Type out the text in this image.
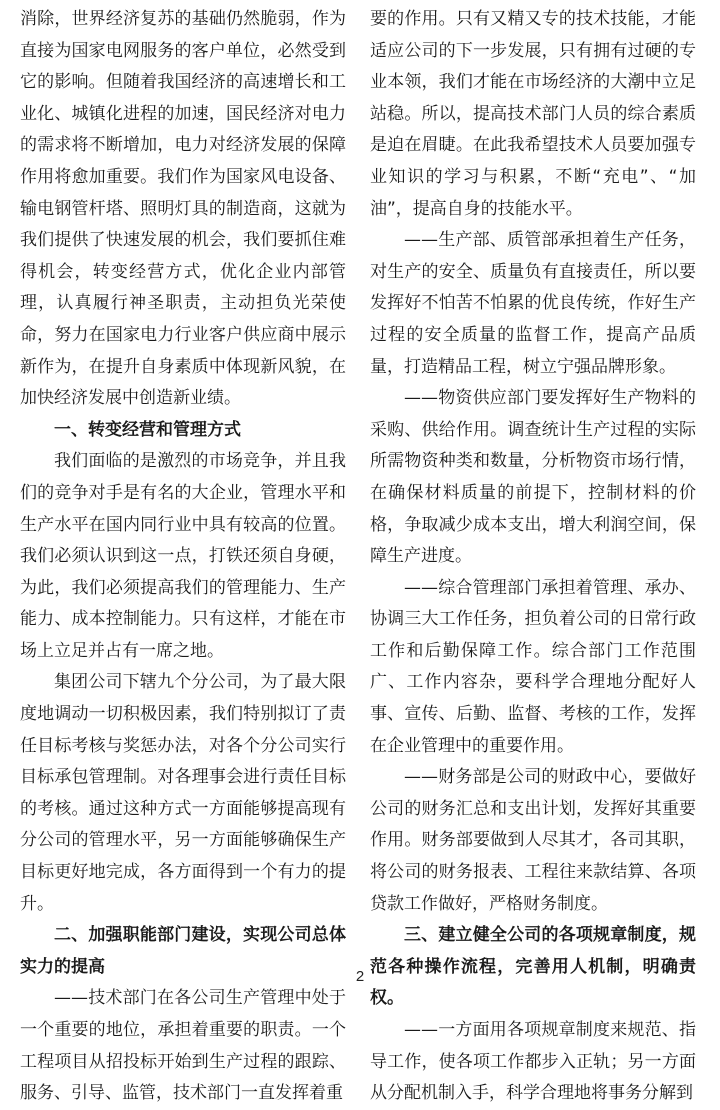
消除，世界经济复苏的基础仍然脆弱，作为直接为国家电网服务的客户单位，必然受到它的影响。但随着我国经济的高速增长和工业化、城镇化进程的加速，国民经济对电力的需求将不断增加，电力对经济发展的保障作用将愈加重要。我们作为国家风电设备、输电钢管杆塔、照明灯具的制造商，这就为我们提供了快速发展的机会，我们要抓住难得机会，转变经营方式，优化企业内部管理，认真履行神圣职责，主动担负光荣使命，努力在国家电力行业客户供应商中展示新作为，在提升自身素质中体现新风貌，在加快经济发展中创造新业绩。

一、转变经营和管理方式

我们面临的是激烈的市场竞争，并且我们的竞争对手是有名的大企业，管理水平和生产水平在国内同行业中具有较高的位置。我们必须认识到这一点，打铁还须自身硬，为此，我们必须提高我们的管理能力、生产能力、成本控制能力。只有这样，才能在市场上立足并占有一席之地。

集团公司下辖九个分公司，为了最大限度地调动一切积极因素，我们特别拟订了责任目标考核与奖惩办法，对各个分公司实行目标承包管理制。对各理事会进行责任目标的考核。通过这种方式一方面能够提高现有分公司的管理水平，另一方面能够确保生产目标更好地完成，各方面得到一个有力的提升。

二、加强职能部门建设，实现公司总体实力的提高

——技术部门在各公司生产管理中处于一个重要的地位，承担着重要的职责。一个工程项目从招投标开始到生产过程的跟踪、服务、引导、监管，技术部门一直发挥着重

要的作用。只有又精又专的技术技能，才能适应公司的下一步发展，只有拥有过硬的专业本领，我们才能在市场经济的大潮中立足站稳。所以，提高技术部门人员的综合素质是迫在眉睫。在此我希望技术人员要加强专业知识的学习与积累，不断“充电”、“加油”，提高自身的技能水平。

——生产部、质管部承担着生产任务，对生产的安全、质量负有直接责任，所以要发挥好不怕苦不怕累的优良传统，作好生产过程的安全质量的监督工作，提高产品质量，打造精品工程，树立宁强品牌形象。

——物资供应部门要发挥好生产物料的采购、供给作用。调查统计生产过程的实际所需物资种类和数量，分析物资市场行情，在确保材料质量的前提下，控制材料的价格，争取减少成本支出，增大利润空间，保障生产进度。

——综合管理部门承担着管理、承办、协调三大工作任务，担负着公司的日常行政工作和后勤保障工作。综合部门工作范围广、工作内容杂，要科学合理地分配好人事、宣传、后勤、监督、考核的工作，发挥在企业管理中的重要作用。

——财务部是公司的财政中心，要做好公司的财务汇总和支出计划，发挥好其重要作用。财务部要做到人尽其才，各司其职，将公司的财务报表、工程往来款结算、各项贷款工作做好，严格财务制度。

三、建立健全公司的各项规章制度，规范各种操作流程，完善用人机制，明确责权。

——一方面用各项规章制度来规范、指导工作，使各项工作都步入正轨；另一方面从分配机制入手，科学合理地将事务分解到

2
